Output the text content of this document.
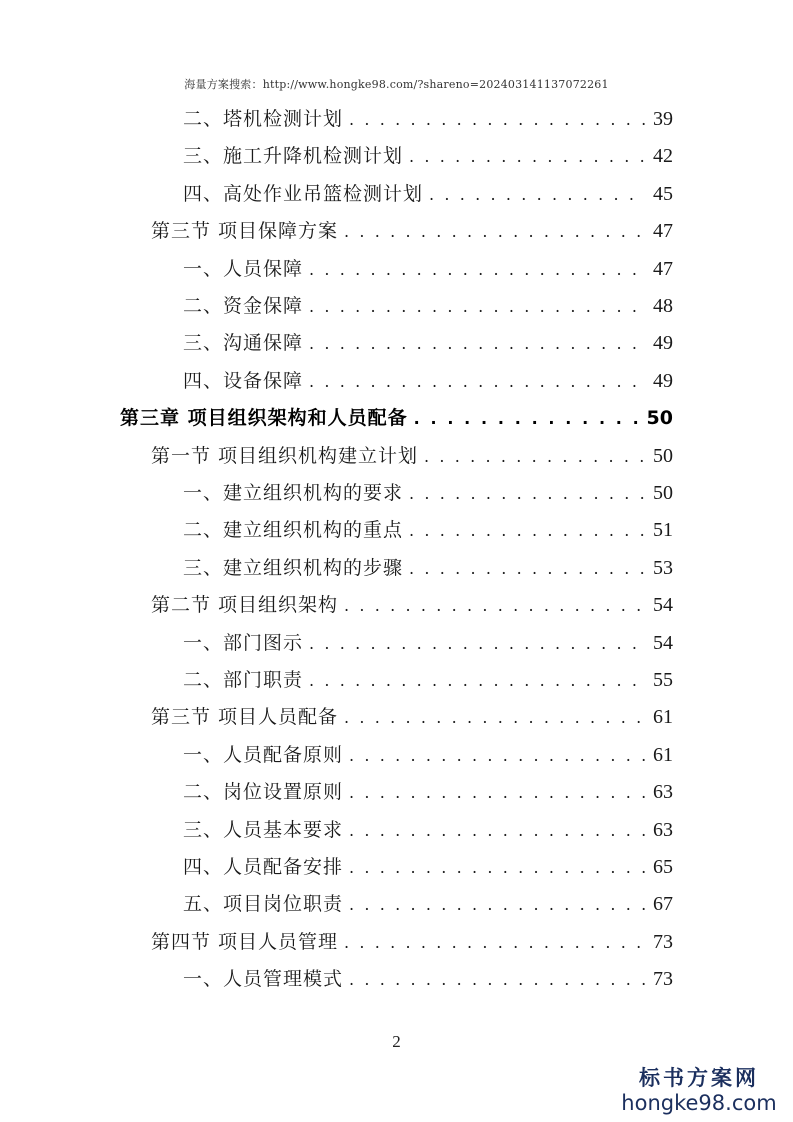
海量方案搜索：http://www.hongke98.com/?shareno=202403141137072261
二、塔机检测计划 . . .	39
三、施工升降机检测计划 . . .	42
四、高处作业吊篮检测计划 . . .	45
第三节 项目保障方案 . . .	47
一、人员保障 . . .	47
二、资金保障 . . .	48
三、沟通保障 . . .	49
四、设备保障 . . .	49
第三章 项目组织架构和人员配备 . . .	50
第一节 项目组织机构建立计划 . . .	50
一、建立组织机构的要求 . . .	50
二、建立组织机构的重点 . . .	51
三、建立组织机构的步骤 . . .	53
第二节 项目组织架构 . . .	54
一、部门图示 . . .	54
二、部门职责 . . .	55
第三节 项目人员配备 . . .	61
一、人员配备原则 . . .	61
二、岗位设置原则 . . .	63
三、人员基本要求 . . .	63
四、人员配备安排 . . .	65
五、项目岗位职责 . . .	67
第四节 项目人员管理 . . .	73
一、人员管理模式 . . .	73
2
标书方案网
hongke98.com
